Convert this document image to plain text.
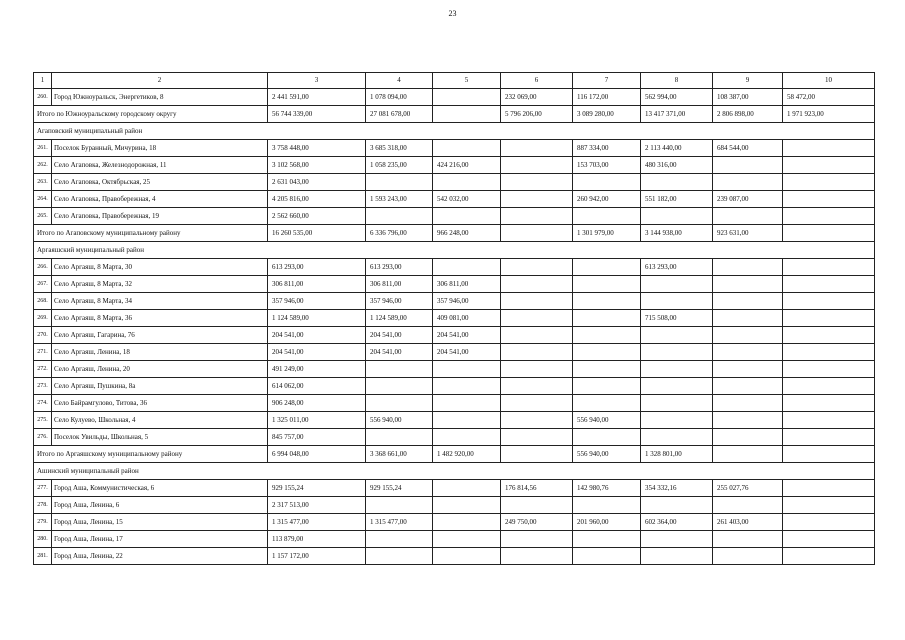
23
1	2	3	4	5	6	7	8	9	10
260.	Город Южноуральск, Энергетиков, 8	2 441 591,00	1 078 094,00		232 069,00	116 172,00	562 994,00	108 387,00	58 472,00
Итого по Южноуральскому городскому округу		56 744 339,00	27 081 678,00		5 796 206,00	3 089 280,00	13 417 371,00	2 806 898,00	1 971 923,00
Агаповский муниципальный район									
261.	Поселок Буранный, Мичурина, 18	3 758 448,00	3 685 318,00			887 334,00	2 113 440,00	684 544,00	
262.	Село Агаповка, Железнодорожная, 11	3 102 568,00	1 058 235,00	424 216,00		153 703,00	480 316,00		
263.	Село Агаповка, Октябрьская, 25	2 631 043,00							
264.	Село Агаповка, Правобережная, 4	4 205 816,00	1 593 243,00	542 032,00		260 942,00	551 182,00	239 087,00	
265.	Село Агаповка, Правобережная, 19	2 562 660,00							
Итого по Агаповскому муниципальному району		16 260 535,00	6 336 796,00	966 248,00		1 301 979,00	3 144 938,00	923 631,00	
Аргаяшский муниципальный район									
266.	Село Аргаяш, 8 Марта, 30	613 293,00	613 293,00				613 293,00		
267.	Село Аргаяш, 8 Марта, 32	306 811,00	306 811,00	306 811,00					
268.	Село Аргаяш, 8 Марта, 34	357 946,00	357 946,00	357 946,00					
269.	Село Аргаяш, 8 Марта, 36	1 124 589,00	1 124 589,00	409 081,00			715 508,00		
270.	Село Аргаяш, Гагарина, 76	204 541,00	204 541,00	204 541,00					
271.	Село Аргаяш, Ленина, 18	204 541,00	204 541,00	204 541,00					
272.	Село Аргаяш, Ленина, 20	491 249,00							
273.	Село Аргаяш, Пушкина, 8а	614 062,00							
274.	Село Байрамгулово, Титова, 36	906 248,00							
275.	Село Кулуево, Школьная, 4	1 325 011,00	556 940,00			556 940,00			
276.	Поселок Увильды, Школьная, 5	845 757,00							
Итого по Аргаяшскому муниципальному району		6 994 048,00	3 368 661,00	1 482 920,00		556 940,00	1 328 801,00		
Ашинский муниципальный район									
277.	Город Аша, Коммунистическая, 6	929 155,24	929 155,24		176 814,56	142 980,76	354 332,16	255 027,76	
278.	Город Аша, Ленина, 6	2 317 513,00							
279.	Город Аша, Ленина, 15	1 315 477,00	1 315 477,00		249 750,00	201 960,00	602 364,00	261 403,00	
280.	Город Аша, Ленина, 17	113 879,00							
281.	Город Аша, Ленина, 22	1 157 172,00							
